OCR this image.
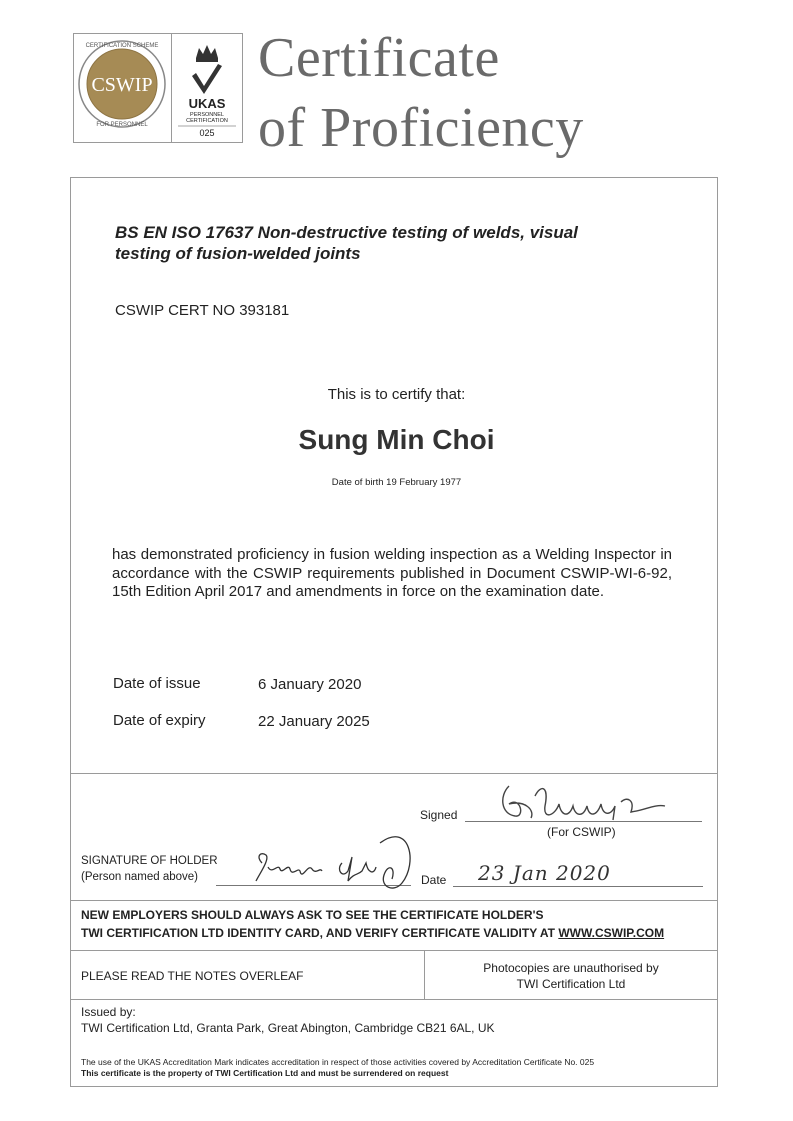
CSWIP
CERTIFICATION SCHEME
FOR PERSONNEL
UKAS
PERSONNEL
CERTIFICATION
025
Certificate
of Proficiency
BS EN ISO 17637 Non-destructive testing of welds, visual
testing of fusion-welded joints
CSWIP CERT NO 393181
This is to certify that:
Sung Min Choi
Date of birth 19 February 1977
has demonstrated proficiency in fusion welding inspection as a Welding Inspector in accordance with the CSWIP requirements published in Document CSWIP-WI-6-92, 15th Edition April 2017 and amendments in force on the examination date.
Date of issue	6 January 2020
Date of expiry	22 January 2025
Signed
(For CSWIP)
SIGNATURE OF HOLDER
(Person named above)	Date 23 Jan 2020
NEW EMPLOYERS SHOULD ALWAYS ASK TO SEE THE CERTIFICATE HOLDER'S
TWI CERTIFICATION LTD IDENTITY CARD, AND VERIFY CERTIFICATE VALIDITY AT WWW.CSWIP.COM
PLEASE READ THE NOTES OVERLEAF
Photocopies are unauthorised by
TWI Certification Ltd
Issued by:
TWI Certification Ltd, Granta Park, Great Abington, Cambridge CB21 6AL, UK
The use of the UKAS Accreditation Mark indicates accreditation in respect of those activities covered by Accreditation Certificate No. 025
This certificate is the property of TWI Certification Ltd and must be surrendered on request
